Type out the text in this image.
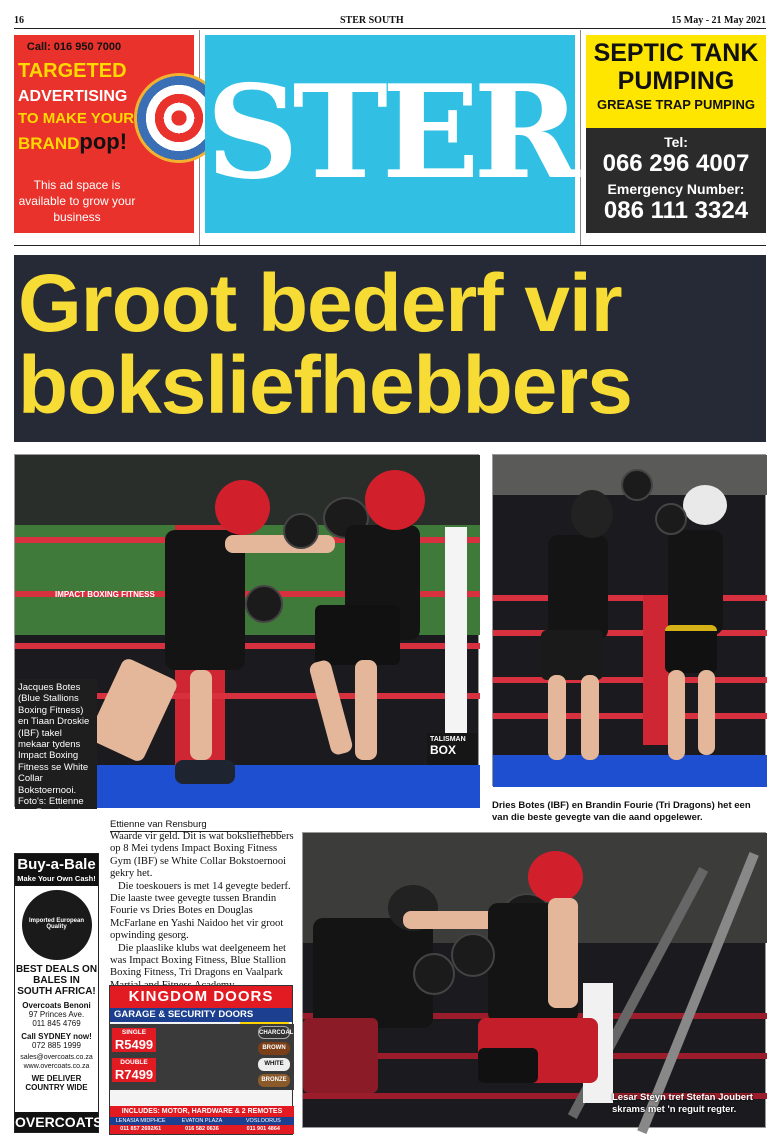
16	STER SOUTH	15 May - 21 May 2021
Call: 016 950 7000
TARGETED
ADVERTISING
TO MAKE YOUR
BRANDpop!
This ad space is available to grow your business
STER
SEPTIC TANK
PUMPING
GREASE TRAP PUMPING
Tel:
066 296 4007
Emergency Number:
086 111 3324
Groot bederf vir
boksliefhebbers
IMPACT BOXING FITNESS
TALISMAN
BOX
Jacques Botes (Blue Stallions Boxing Fitness) en Tiaan Droskie (IBF) takel mekaar tydens Impact Boxing Fitness se White Collar Bokstoernooi. Foto's: Ettienne van Rensburg
Dries Botes (IBF) en Brandin Fourie (Tri Dragons) het een van die beste gevegte van die aand opgelewer.
Ettienne van Rensburg

Waarde vir geld. Dit is wat boksliefhebbers op 8 Mei tydens Impact Boxing Fitness Gym (IBF) se White Collar Bokstoernooi gekry het.

Die toeskouers is met 14 gevegte bederf. Die laaste twee gevegte tussen Brandin Fourie vs Dries Botes en Douglas McFarlane en Yashi Naidoo het vir groot opwinding gesorg.

Die plaaslike klubs wat deelgeneem het was Impact Boxing Fitness, Blue Stallion Boxing Fitness, Tri Dragons en Vaalpark

Lesar Steyn tref Stefan Joubert skrams met 'n reguit regter.
Buy-a-Bale
Make Your Own Cash!
Imported European Quality
BEST DEALS ON BALES IN SOUTH AFRICA!
Overcoats Benoni
97 Princes Ave.
011 845 4769
Call SYDNEY now!
072 885 1999
sales@overcoats.co.za
www.overcoats.co.za
WE DELIVER COUNTRY WIDE
OVERCOATS
KINGDOM DOORS
GARAGE & SECURITY DOORS
SINGLE
R5499
DOUBLE
R7499
CHARCOAL
BROWN
WHITE
BRONZE
INCLUDES: MOTOR, HARDWARE & 2 REMOTES
LENASIA MIDPHCE	EVATON PLAZA	VOSLOORUS
011 857 2692/61	016 582 0636	011 901 4864
